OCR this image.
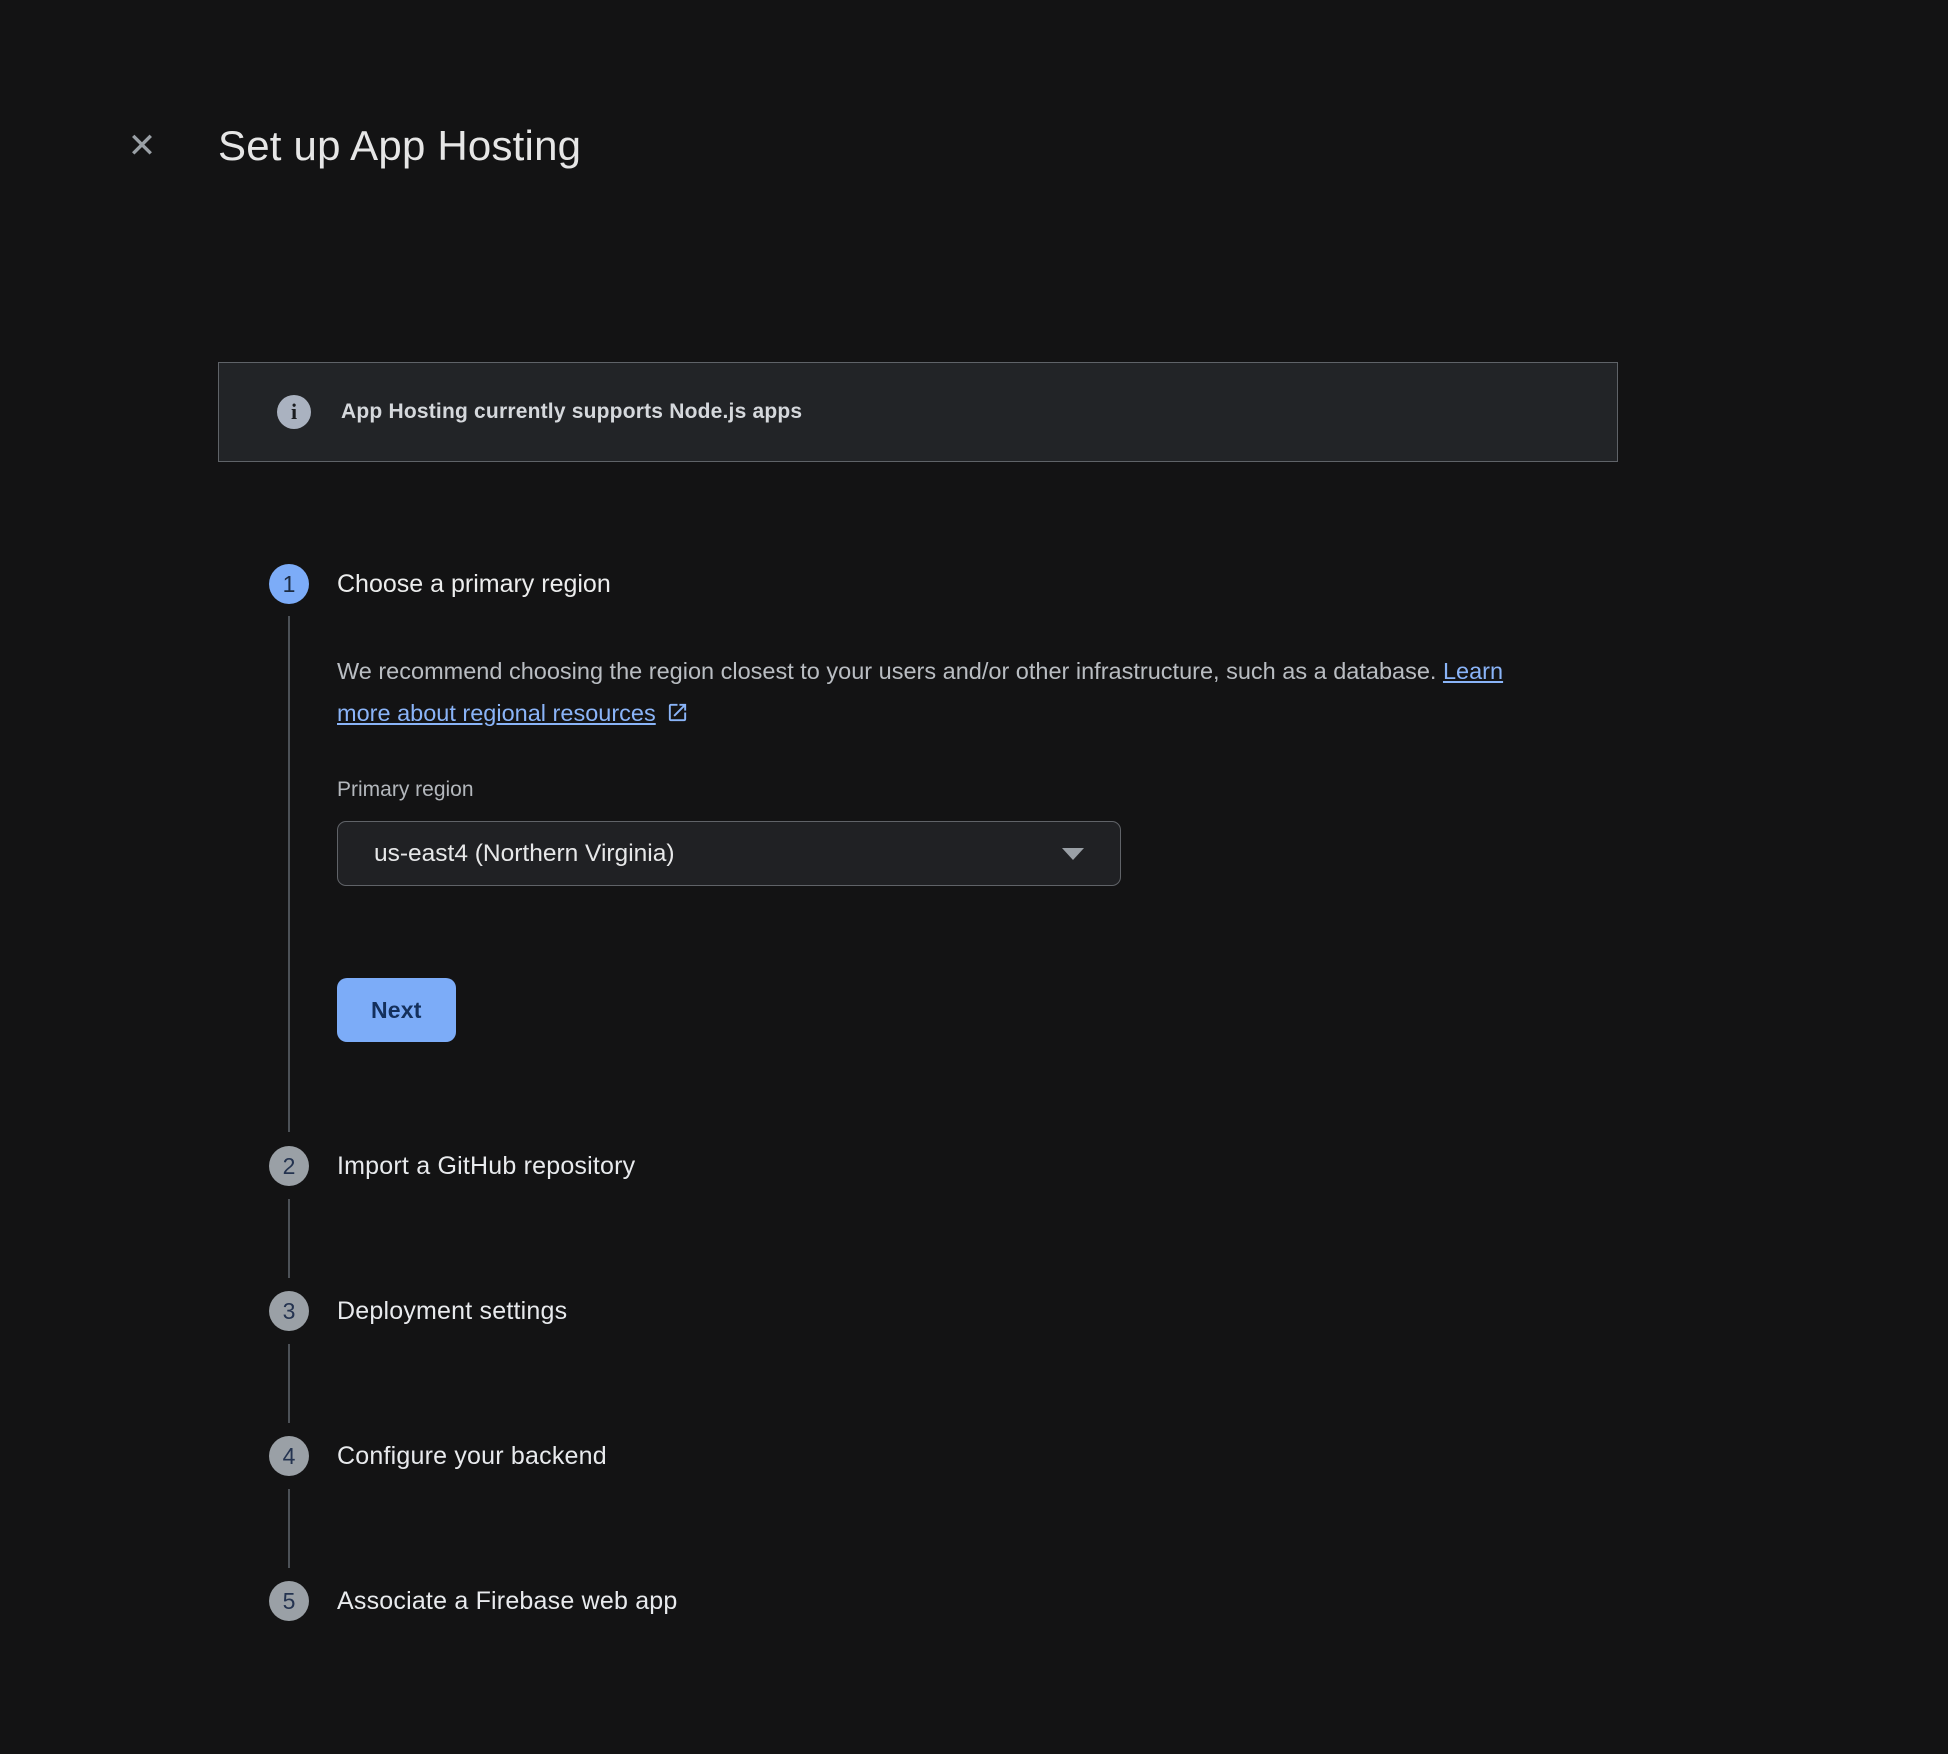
✕ Set up App Hosting
i	App Hosting currently supports Node.js apps
1	Choose a primary region
We recommend choosing the region closest to your users and/or other infrastructure, such as a database. Learn more about regional resources
Primary region
us-east4 (Northern Virginia)
Next
2	Import a GitHub repository
3	Deployment settings
4	Configure your backend
5	Associate a Firebase web app
